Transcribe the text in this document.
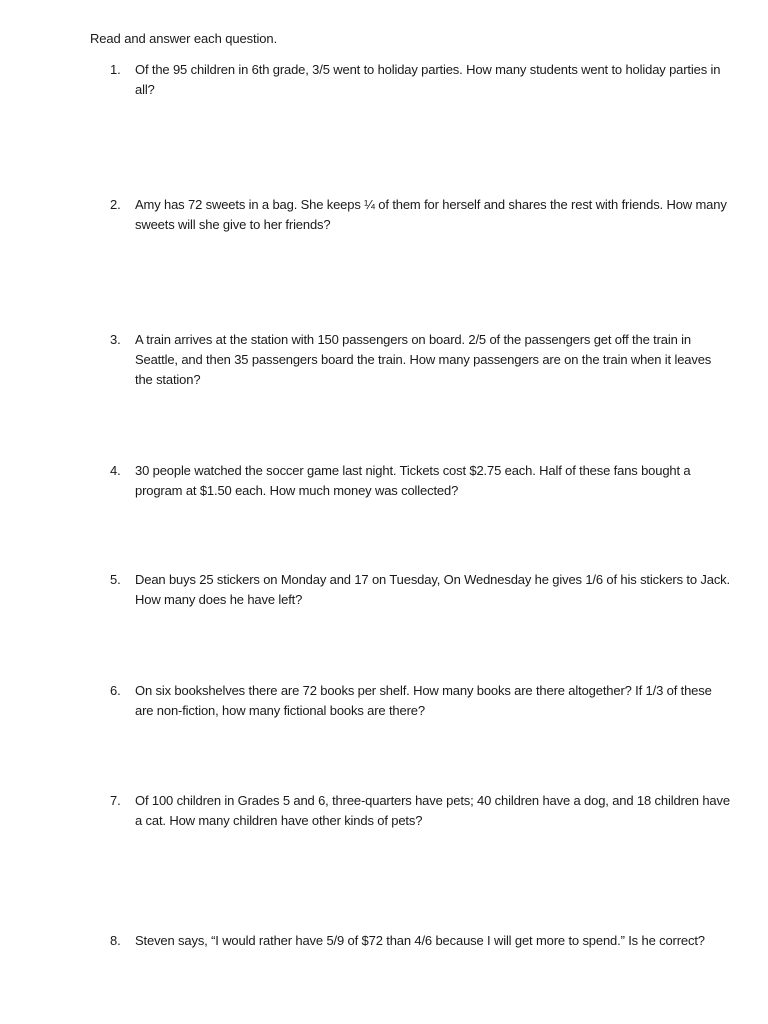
Read and answer each question.
1.	Of the 95 children in 6th grade, 3/5 went to holiday parties. How many students went to holiday parties in all?
2.	Amy has 72 sweets in a bag. She keeps ¼ of them for herself and shares the rest with friends. How many sweets will she give to her friends?
3.	A train arrives at the station with 150 passengers on board. 2/5 of the passengers get off the train in Seattle, and then 35 passengers board the train. How many passengers are on the train when it leaves the station?
4.	30 people watched the soccer game last night. Tickets cost $2.75 each. Half of these fans bought a program at $1.50 each. How much money was collected?
5.	Dean buys 25 stickers on Monday and 17 on Tuesday, On Wednesday he gives 1/6 of his stickers to Jack. How many does he have left?
6.	On six bookshelves there are 72 books per shelf. How many books are there altogether? If 1/3 of these are non-fiction, how many fictional books are there?
7.	Of 100 children in Grades 5 and 6, three-quarters have pets; 40 children have a dog, and 18 children have a cat. How many children have other kinds of pets?
8.	Steven says, “I would rather have 5/9 of $72 than 4/6 because I will get more to spend.” Is he correct?
